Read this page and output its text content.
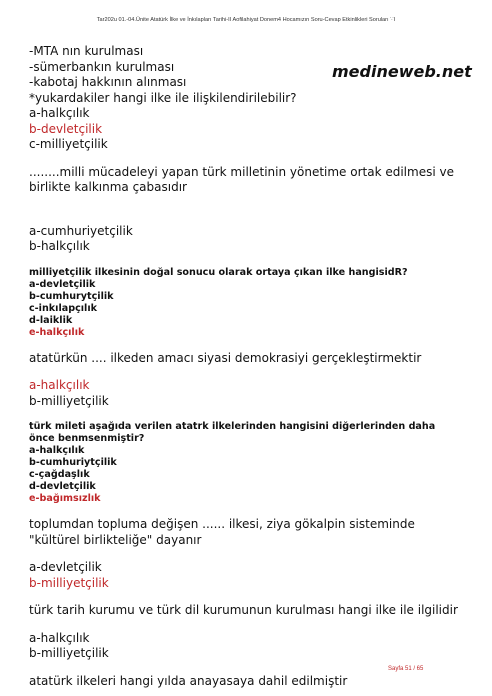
Tar202u 01.-04.Ünite Atatürk İlke ve İnkılapları Tarihi-II Aofilahiyat Donem4 Hocamızın Soru-Cevap Etkinlikleri Soruları ∵I
medineweb.net
-MTA nın kurulması
-sümerbankın kurulması
-kabotaj hakkının alınması
*yukardakiler hangi ilke ile ilişkilendirilebilir?
a-halkçılık
b-devletçilik
c-milliyetçilik
........milli mücadeleyi yapan türk milletinin yönetime ortak edilmesi ve
birlikte kalkınma çabasıdır
a-cumhuriyetçilik
b-halkçılık
milliyetçilik ilkesinin doğal sonucu olarak ortaya çıkan ilke hangisidR?
a-devletçilik
b-cumhurytçilik
c-inkılapçılık
d-laiklik
e-halkçılık
atatürkün .... ilkeden amacı siyasi demokrasiyi gerçekleştirmektir
a-halkçılık
b-milliyetçilik
türk mileti aşağıda verilen atatrk ilkelerinden hangisini diğerlerinden daha
önce benmsenmiştir?
a-halkçılık
b-cumhuriytçilik
c-çağdaşlık
d-devletçilik
e-bağımsızlık
toplumdan topluma değişen ...... ilkesi, ziya gökalpin sisteminde
"kültürel birlikteliğe" dayanır
a-devletçilik
b-milliyetçilik
türk tarih kurumu ve türk dil kurumunun kurulması hangi ilke ile ilgilidir
a-halkçılık
b-milliyetçilik
atatürk ilkeleri hangi yılda anayasaya dahil edilmiştir
Sayfa 51 / 65
